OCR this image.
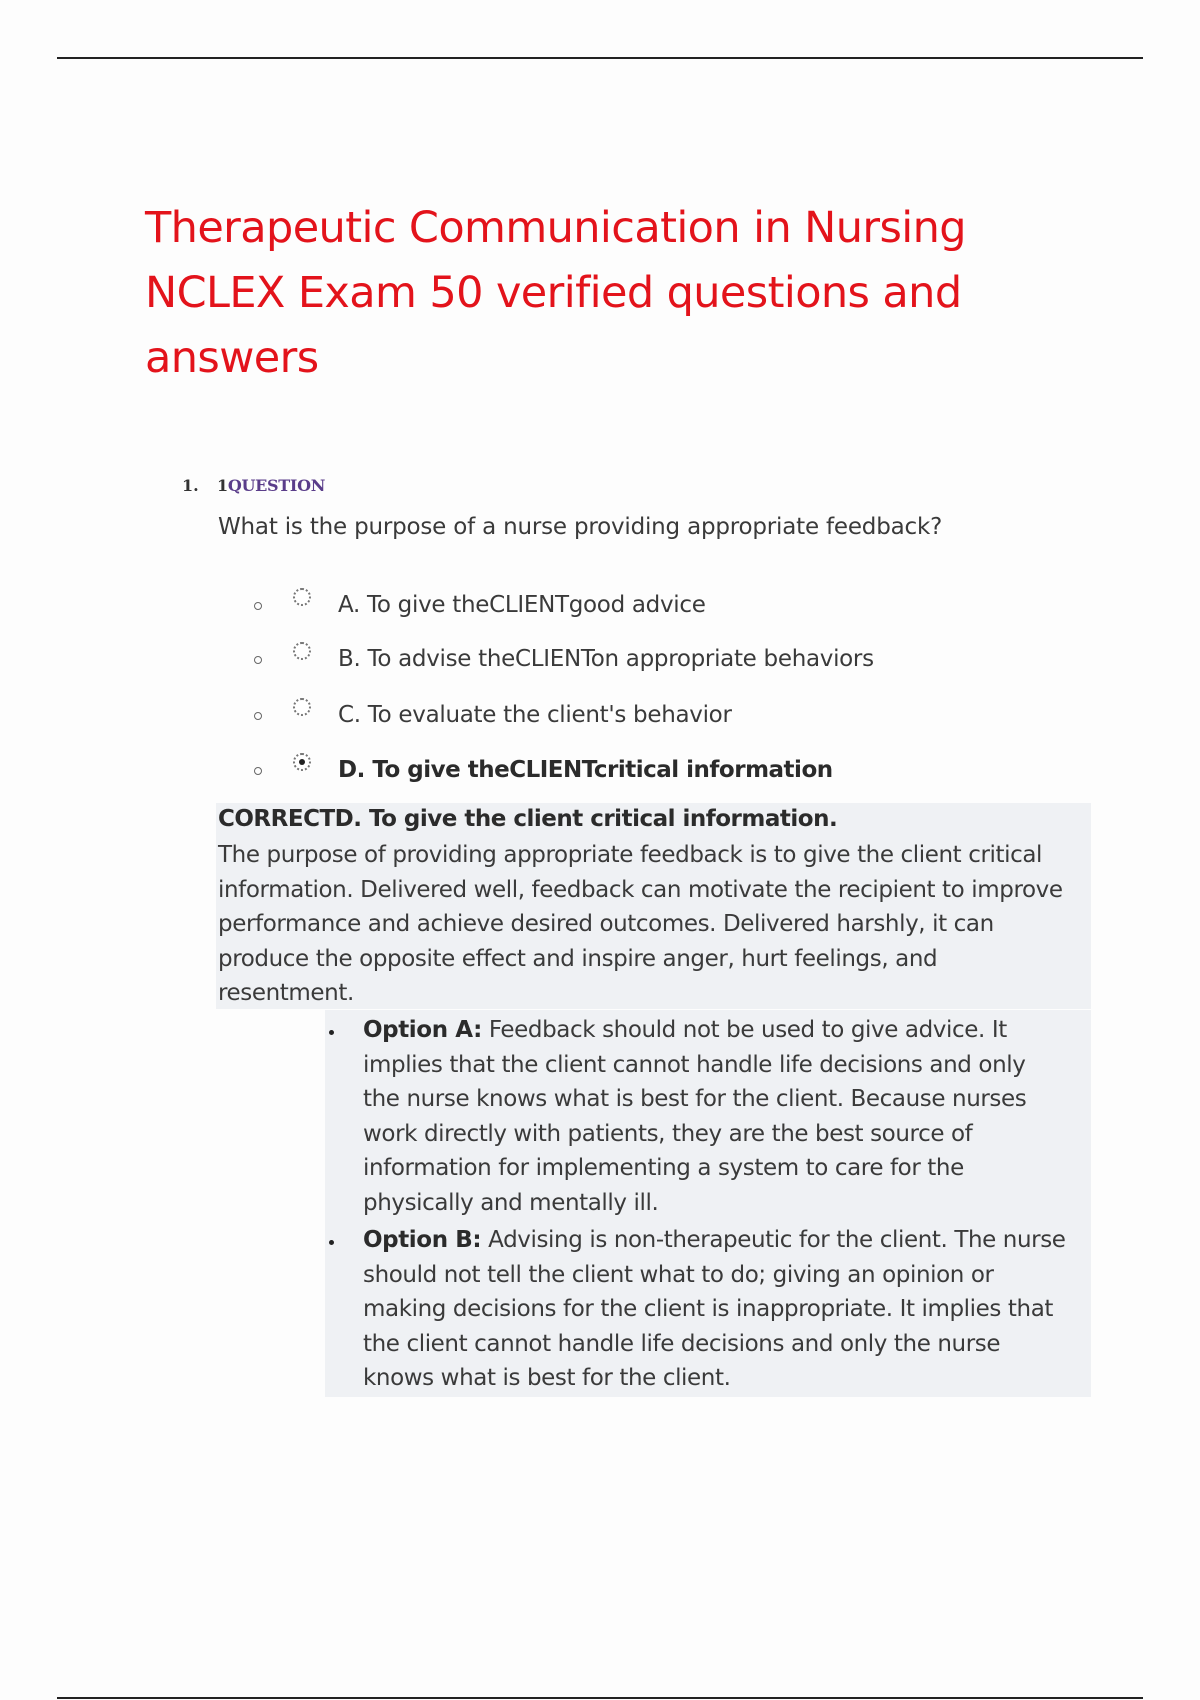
Therapeutic Communication in Nursing
NCLEX Exam 50 verified questions and
answers
1. 1QUESTION
What is the purpose of a nurse providing appropriate feedback?
A. To give theCLIENTgood advice
B. To advise theCLIENTon appropriate behaviors
C. To evaluate the client's behavior
D. To give theCLIENTcritical information
CORRECTD. To give the client critical information.
The purpose of providing appropriate feedback is to give the client critical
information. Delivered well, feedback can motivate the recipient to improve
performance and achieve desired outcomes. Delivered harshly, it can
produce the opposite effect and inspire anger, hurt feelings, and
resentment.
Option A: Feedback should not be used to give advice. It
implies that the client cannot handle life decisions and only
the nurse knows what is best for the client. Because nurses
work directly with patients, they are the best source of
information for implementing a system to care for the
physically and mentally ill.
Option B: Advising is non-therapeutic for the client. The nurse
should not tell the client what to do; giving an opinion or
making decisions for the client is inappropriate. It implies that
the client cannot handle life decisions and only the nurse
knows what is best for the client.
